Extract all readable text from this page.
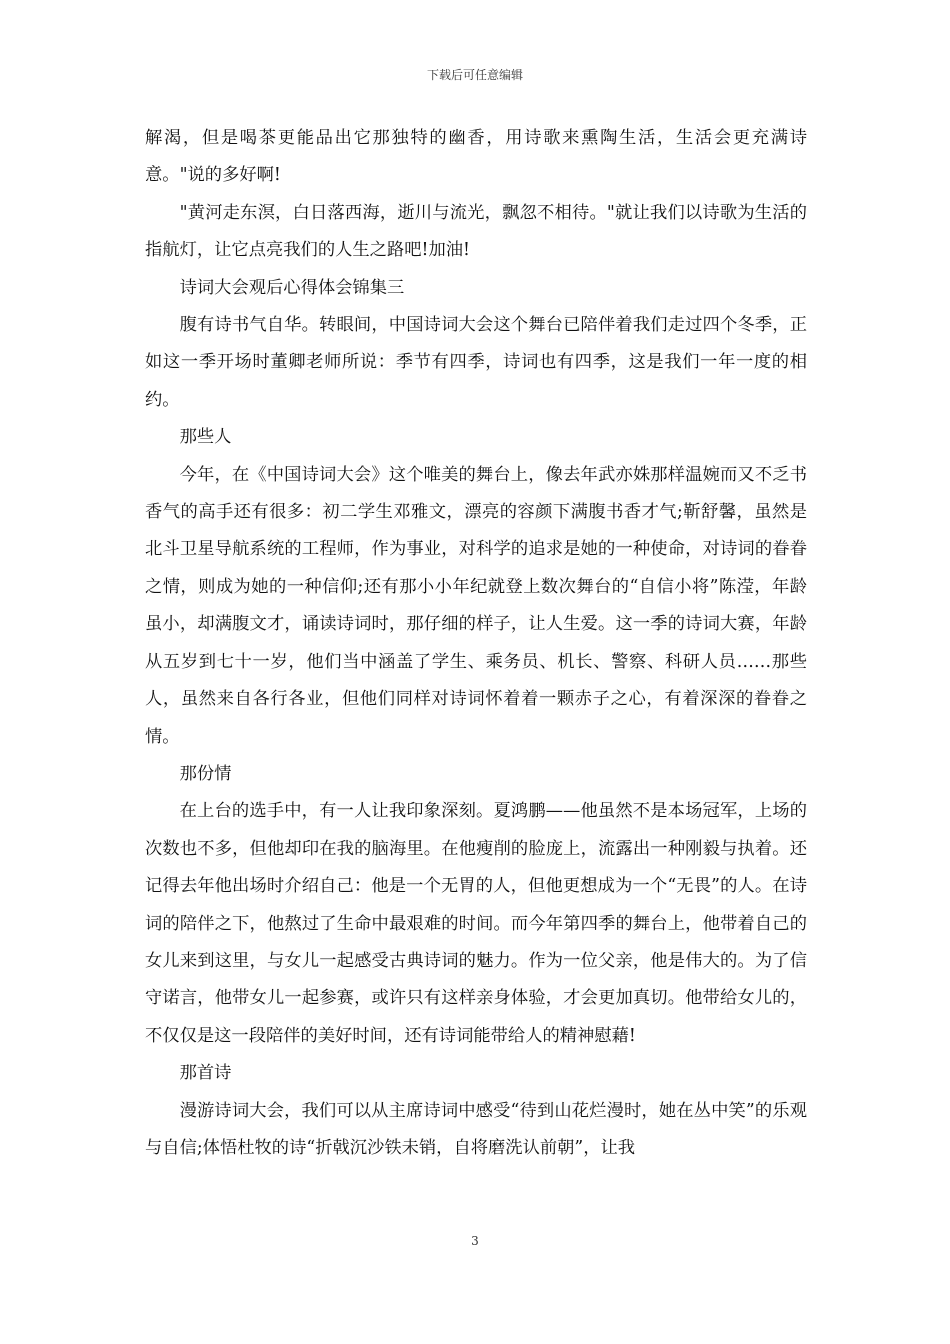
下载后可任意编辑

解渴，但是喝茶更能品出它那独特的幽香，用诗歌来熏陶生活，生活会更充满诗意。"说的多好啊!

"黄河走东溟，白日落西海，逝川与流光，飘忽不相待。"就让我们以诗歌为生活的指航灯，让它点亮我们的人生之路吧!加油!

诗词大会观后心得体会锦集三

腹有诗书气自华。转眼间，中国诗词大会这个舞台已陪伴着我们走过四个冬季，正如这一季开场时董卿老师所说：季节有四季，诗词也有四季，这是我们一年一度的相约。

那些人

今年，在《中国诗词大会》这个唯美的舞台上，像去年武亦姝那样温婉而又不乏书香气的高手还有很多：初二学生邓雅文，漂亮的容颜下满腹书香才气;靳舒馨，虽然是北斗卫星导航系统的工程师，作为事业，对科学的追求是她的一种使命，对诗词的眷眷之情，则成为她的一种信仰;还有那小小年纪就登上数次舞台的“自信小将”陈滢，年龄虽小，却满腹文才，诵读诗词时，那仔细的样子，让人生爱。这一季的诗词大赛，年龄从五岁到七十一岁，他们当中涵盖了学生、乘务员、机长、警察、科研人员……那些人，虽然来自各行各业，但他们同样对诗词怀着着一颗赤子之心，有着深深的眷眷之情。

那份情

在上台的选手中，有一人让我印象深刻。夏鸿鹏——他虽然不是本场冠军，上场的次数也不多，但他却印在我的脑海里。在他瘦削的脸庞上，流露出一种刚毅与执着。还记得去年他出场时介绍自己：他是一个无胃的人，但他更想成为一个“无畏”的人。在诗词的陪伴之下，他熬过了生命中最艰难的时间。而今年第四季的舞台上，他带着自己的女儿来到这里，与女儿一起感受古典诗词的魅力。作为一位父亲，他是伟大的。为了信守诺言，他带女儿一起参赛，或许只有这样亲身体验，才会更加真切。他带给女儿的，不仅仅是这一段陪伴的美好时间，还有诗词能带给人的精神慰藉!

那首诗

漫游诗词大会，我们可以从主席诗词中感受“待到山花烂漫时，她在丛中笑”的乐观与自信;体悟杜牧的诗“折戟沉沙铁未销，自将磨洗认前朝”，让我

3
